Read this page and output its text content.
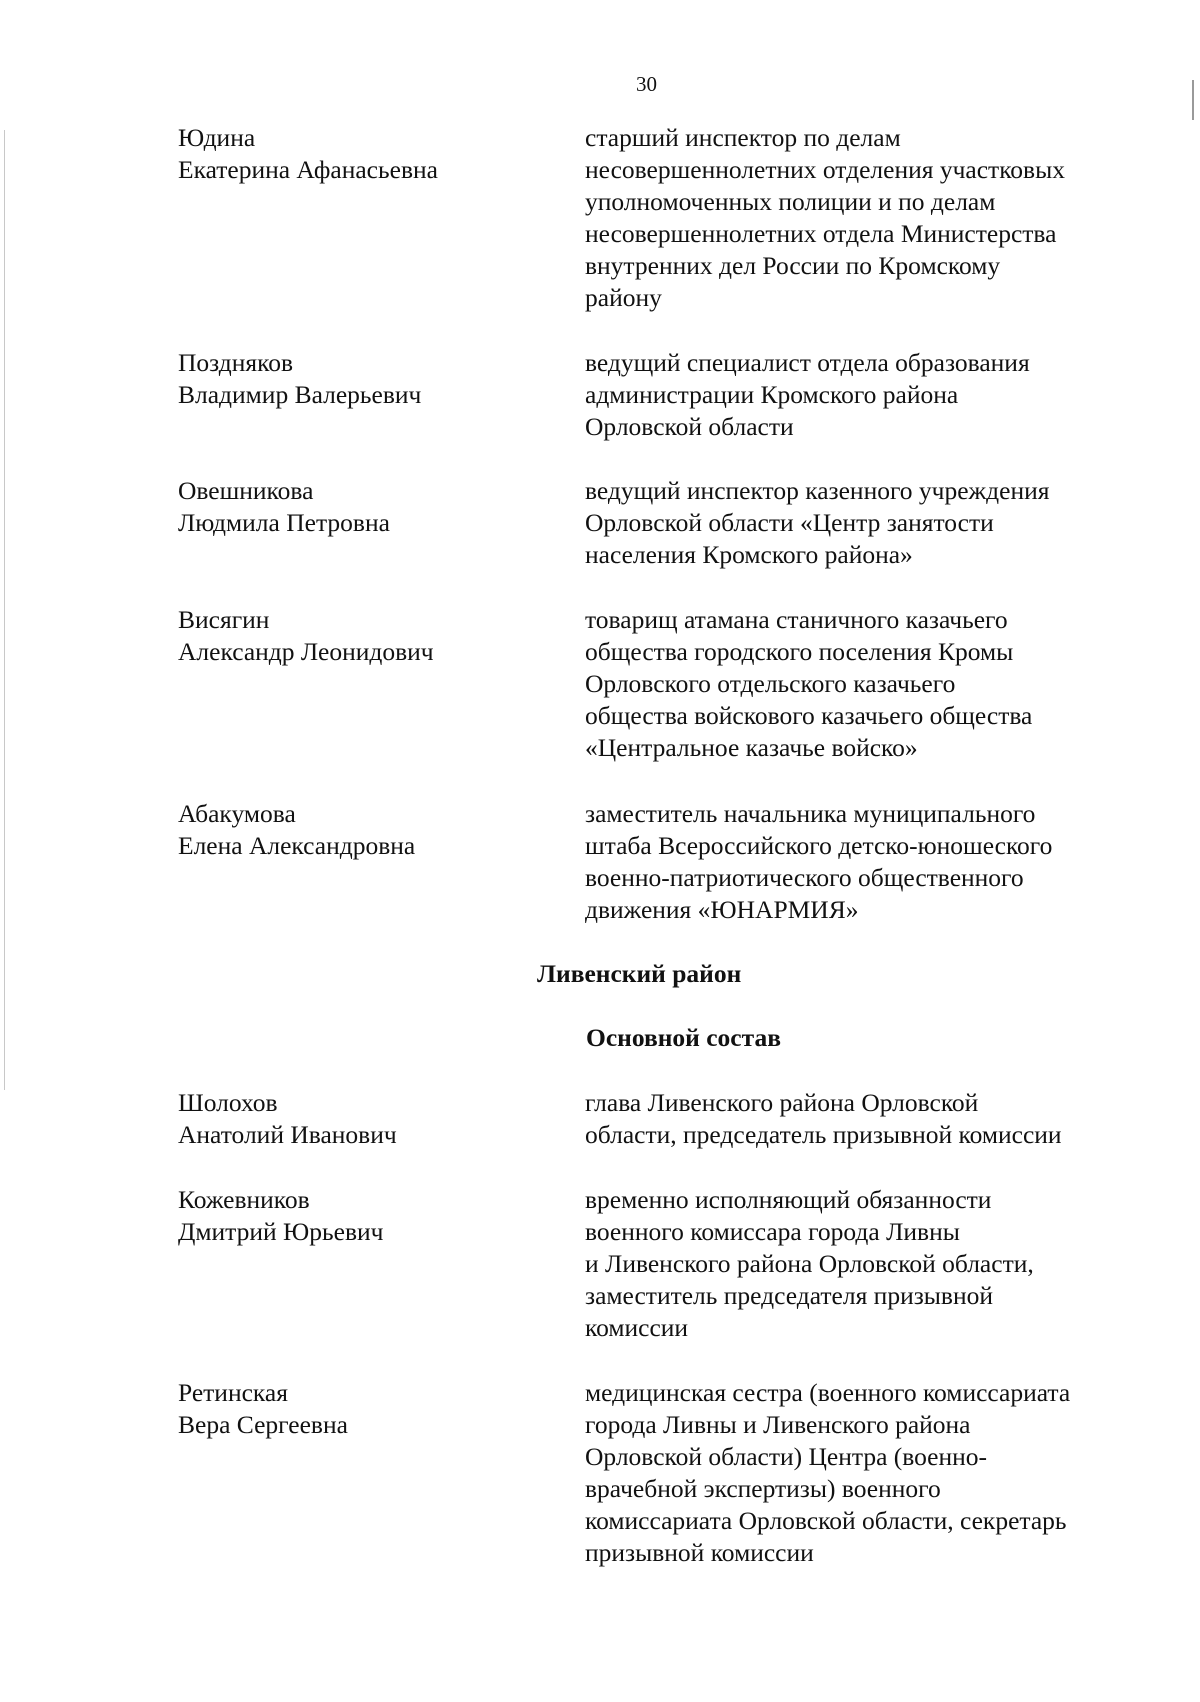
30
Юдина
Екатерина Афанасьевна
старший инспектор по делам
несовершеннолетних отделения участковых
уполномоченных полиции и по делам
несовершеннолетних отдела Министерства
внутренних дел России по Кромскому
району
Поздняков
Владимир Валерьевич
ведущий специалист отдела образования
администрации Кромского района
Орловской области
Овешникова
Людмила Петровна
ведущий инспектор казенного учреждения
Орловской области «Центр занятости
населения Кромского района»
Висягин
Александр Леонидович
товарищ атамана станичного казачьего
общества городского поселения Кромы
Орловского отдельского казачьего
общества войскового казачьего общества
«Центральное казачье войско»
Абакумова
Елена Александровна
заместитель начальника муниципального
штаба Всероссийского детско-юношеского
военно-патриотического общественного
движения «ЮНАРМИЯ»
Ливенский район
Основной состав
Шолохов
Анатолий Иванович
глава Ливенского района Орловской
области, председатель призывной комиссии
Кожевников
Дмитрий Юрьевич
временно исполняющий обязанности
военного комиссара города Ливны
и Ливенского района Орловской области,
заместитель председателя призывной
комиссии
Ретинская
Вера Сергеевна
медицинская сестра (военного комиссариата
города Ливны и Ливенского района
Орловской области) Центра (военно-
врачебной экспертизы) военного
комиссариата Орловской области, секретарь
призывной комиссии
